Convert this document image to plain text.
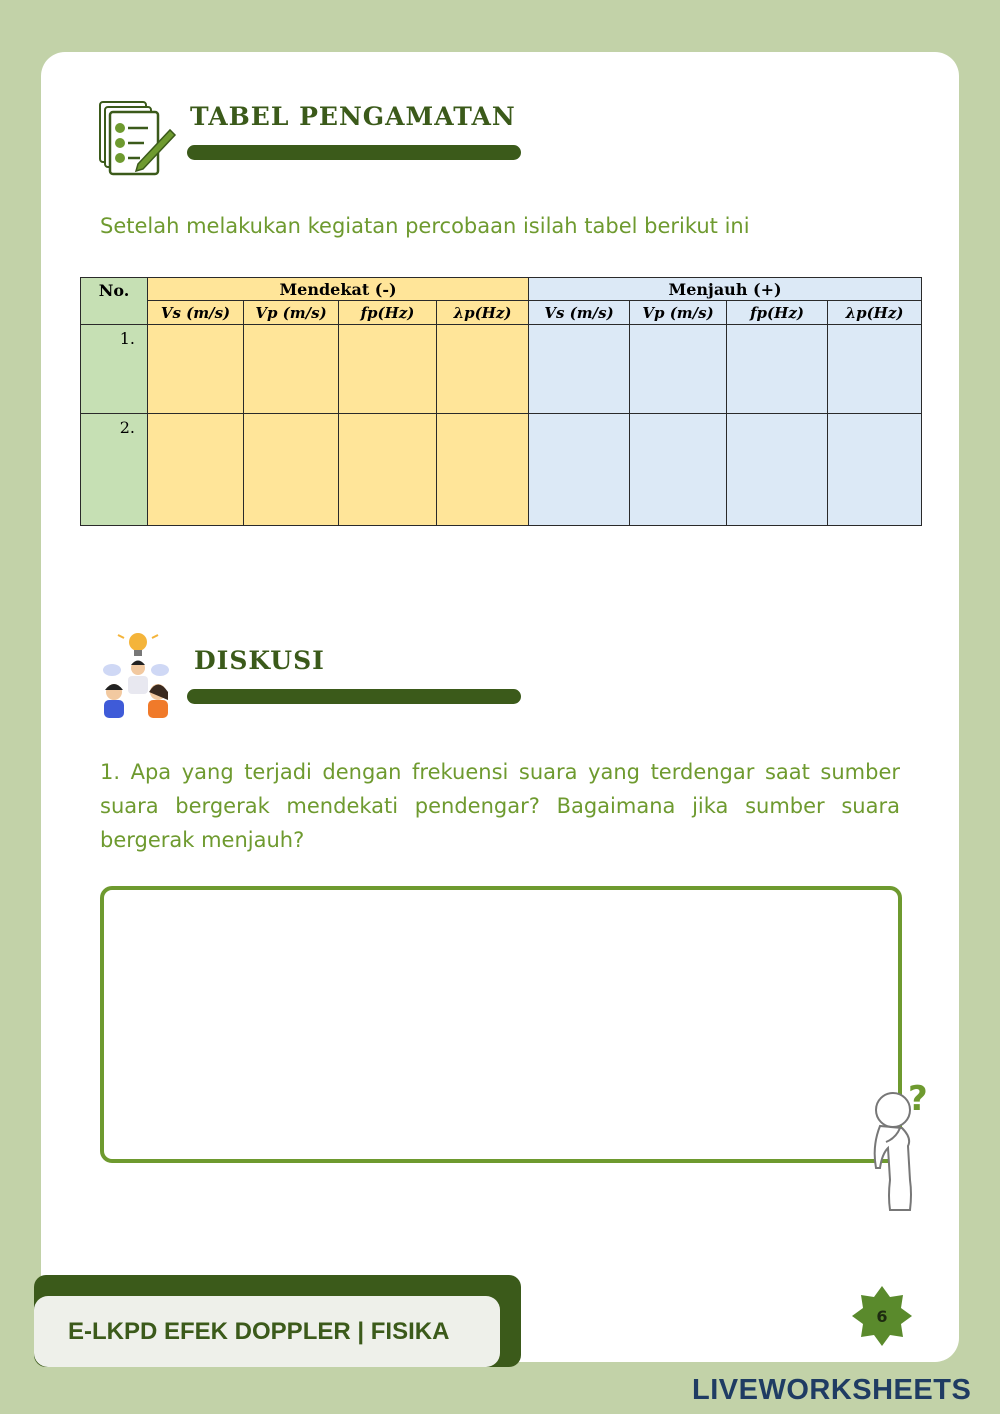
TABEL PENGAMATAN
Setelah melakukan kegiatan percobaan isilah tabel berikut ini
No.	Mendekat (-)				Menjauh (+)			
	Vs (m/s)	Vp (m/s)	fp(Hz)	λp(Hz)	Vs (m/s)	Vp (m/s)	fp(Hz)	λp(Hz)
1.								
2.								
DISKUSI
1. Apa yang terjadi dengan frekuensi suara yang terdengar saat sumber suara bergerak mendekati pendengar? Bagaimana jika sumber suara bergerak menjauh?
?
E-LKPD EFEK DOPPLER | FISIKA
6
LIVEWORKSHEETS
